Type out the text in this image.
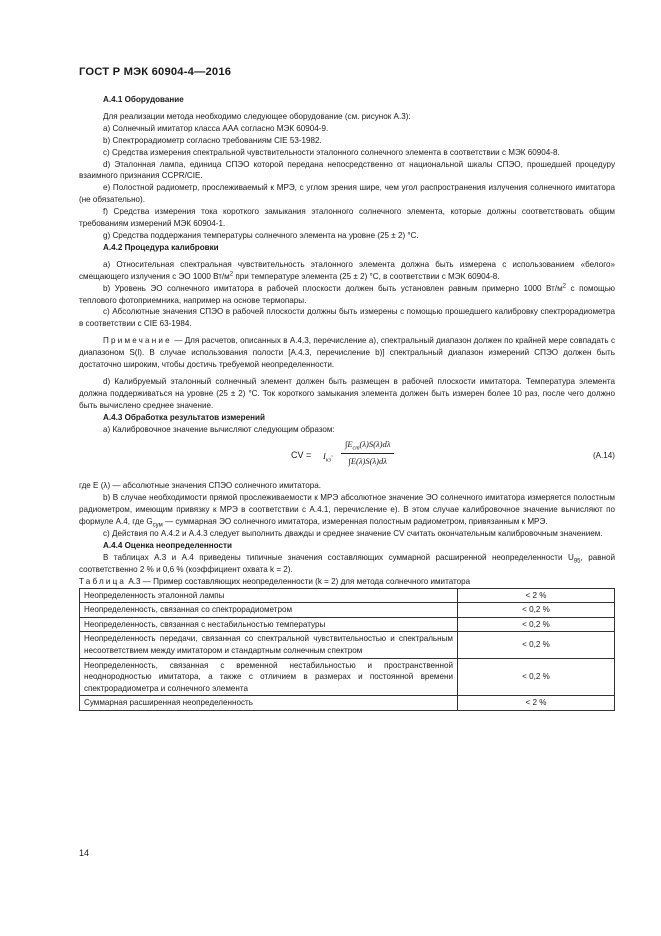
ГОСТ Р МЭК 60904-4—2016

А.4.1 Оборудование

Для реализации метода необходимо следующее оборудование (см. рисунок А.3):

а) Солнечный имитатор класса ААА согласно МЭК 60904-9.

b) Спектрорадиометр согласно требованиям CIE 53-1982.

с) Средства измерения спектральной чувствительности эталонного солнечного элемента в соответствии с МЭК 60904-8.

d) Эталонная лампа, единица СПЭО которой передана непосредственно от национальной шкалы СПЭО, прошедшей процедуру взаимного признания CCPR/CIE.

е) Полостной радиометр, прослеживаемый к МРЭ, с углом зрения шире, чем угол распространения излучения солнечного имитатора (не обязательно).

f) Средства измерения тока короткого замыкания эталонного солнечного элемента, которые должны соответствовать общим требованиям измерений МЭК 60904-1.

g) Средства поддержания температуры солнечного элемента на уровне (25 ± 2) °C.

А.4.2 Процедура калибровки

а) Относительная спектральная чувствительность эталонного элемента должна быть измерена с использованием «белого» смещающего излучения с ЭО 1000 $Вт/м^2$ при температуре элемента (25 ± 2) °C, в соответствии с МЭК 60904-8.

b) Уровень ЭО солнечного имитатора в рабочей плоскости должен быть установлен равным примерно 1000 $Вт/м^2$ с помощью теплового фотоприемника, например на основе термопары.

с) Абсолютные значения СПЭО в рабочей плоскости должны быть измерены с помощью прошедшего калибровку спектрорадиометра в соответствии с CIE 63-1984.

Примечание — Для расчетов, описанных в А.4.3, перечисление а), спектральный диапазон должен по крайней мере совпадать с диапазоном S(l). В случае использования полости [А.4.3, перечисление b)] спектральный диапазон измерений СПЭО должен быть достаточно широким, чтобы достичь требуемой неопределенности.

d) Калибруемый эталонный солнечный элемент должен быть размещен в рабочей плоскости имитатора. Температура элемента должна поддерживаться на уровне (25 ± 2) °C. Ток короткого замыкания элемента должен быть измерен более 10 раз, после чего должно быть вычислено среднее значение.

А.4.3 Обработка результатов измерений

а) Калибровочное значение вычисляют следующим образом:

CV = $I_{кз}\cdot$
$\int E_{ст}(\lambda)S(\lambda)d\lambda$
∫E(λ)S(λ)dλ
(А.14)

где E (λ) — абсолютные значения СПЭО солнечного имитатора.

b) В случае необходимости прямой прослеживаемости к МРЭ абсолютное значение ЭО солнечного имитатора измеряется полостным радиометром, имеющим привязку к МРЭ в соответствии с А.4.1, перечисление е). В этом случае калибровочное значение вычисляют по формуле А.4, где $G_{сум}$ — суммарная ЭО солнечного имитатора, измеренная полостным радиометром, привязанным к МРЭ.

с) Действия по А.4.2 и А.4.3 следует выполнить дважды и среднее значение CV считать окончательным калибровочным значением.

А.4.4 Оценка неопределенности

В таблицах А.3 и А.4 приведены типичные значения составляющих суммарной расширенной неопределенности $U_{95}$, равной соответственно 2 % и 0,6 % (коэффициент охвата k = 2).

Таблица А.3 — Пример составляющих неопределенности (k = 2) для метода солнечного имитатора

Неопределенность эталонной лампы	< 2 %
Неопределенность, связанная со спектрорадиометром	< 0,2 %
Неопределенность, связанная с нестабильностью температуры	< 0,2 %
Неопределенность передачи, связанная со спектральной чувствительностью и спектральным несоответствием между имитатором и стандартным солнечным спектром	< 0,2 %
Неопределенность, связанная с временной нестабильностью и пространственной неоднородностью имитатора, а также с отличием в размерах и постоянной времени спектрорадиометра и солнечного элемента	< 0,2 %
Суммарная расширенная неопределенность	< 2 %
14
